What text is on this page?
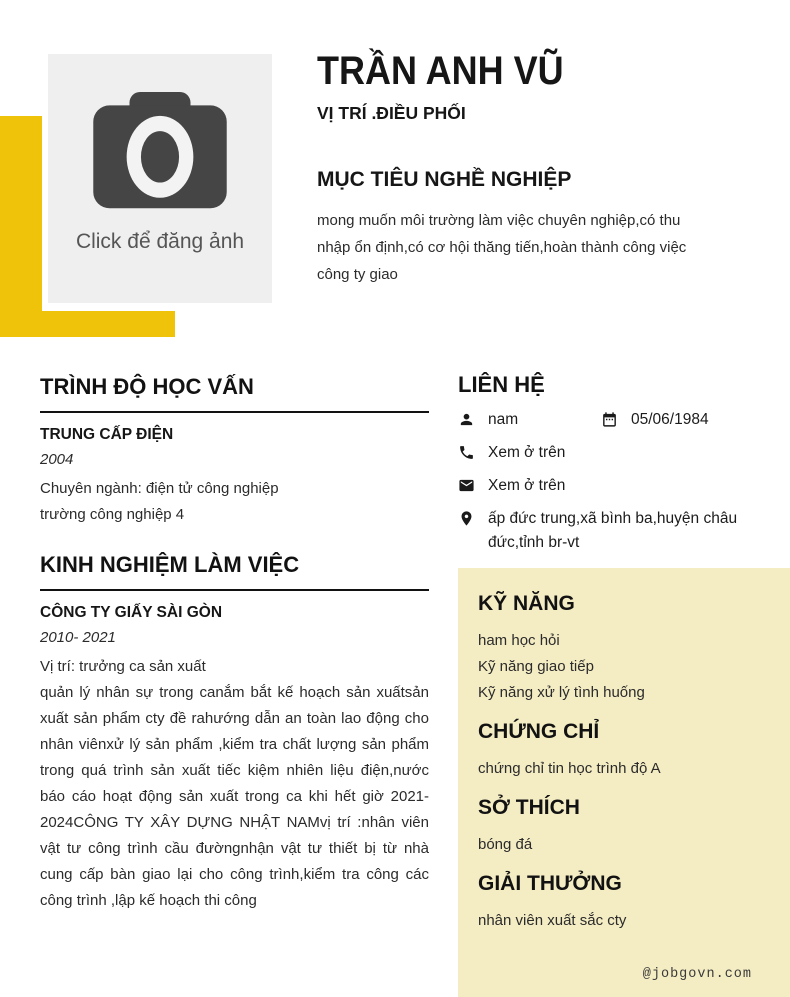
Click để đăng ảnh
TRẦN ANH VŨ
VỊ TRÍ .ĐIỀU PHỐI
MỤC TIÊU NGHỀ NGHIỆP

mong muốn môi trường làm việc chuyên nghiệp,có thu nhập ổn định,có cơ hội thăng tiến,hoàn thành công việc công ty giao

TRÌNH ĐỘ HỌC VẤN
TRUNG CẤP ĐIỆN
2004
Chuyên ngành: điện tử công nghiệp
trường công nghiệp 4
KINH NGHIỆM LÀM VIỆC
CÔNG TY GIẤY SÀI GÒN
2010- 2021
Vị trí: trưởng ca sản xuất
quản lý nhân sự trong canắm bắt kế hoạch sản xuấtsản xuất sản phẩm cty đề rahướng dẫn an toàn lao động cho nhân viênxử lý sản phẩm ,kiểm tra chất lượng sản phẩm trong quá trình sản xuất tiếc kiệm nhiên liệu điện,nước báo cáo hoạt động sản xuất trong ca khi hết giờ 2021-2024CÔNG TY XÂY DỰNG NHẬT NAMvị trí :nhân viên vật tư công trình cầu đườngnhận vật tư thiết bị từ nhà cung cấp bàn giao lại cho công trình,kiểm tra công các công trình ,lập kế hoạch thi công
LIÊN HỆ
nam	05/06/1984
Xem ở trên
Xem ở trên
ấp đức trung,xã bình ba,huyện châu đức,tỉnh br-vt
KỸ NĂNG
ham học hỏi
Kỹ năng giao tiếp
Kỹ năng xử lý tình huống
CHỨNG CHỈ
chứng chỉ tin học trình độ A
SỞ THÍCH
bóng đá
GIẢI THƯỞNG
nhân viên xuất sắc cty
@jobgovn.com
